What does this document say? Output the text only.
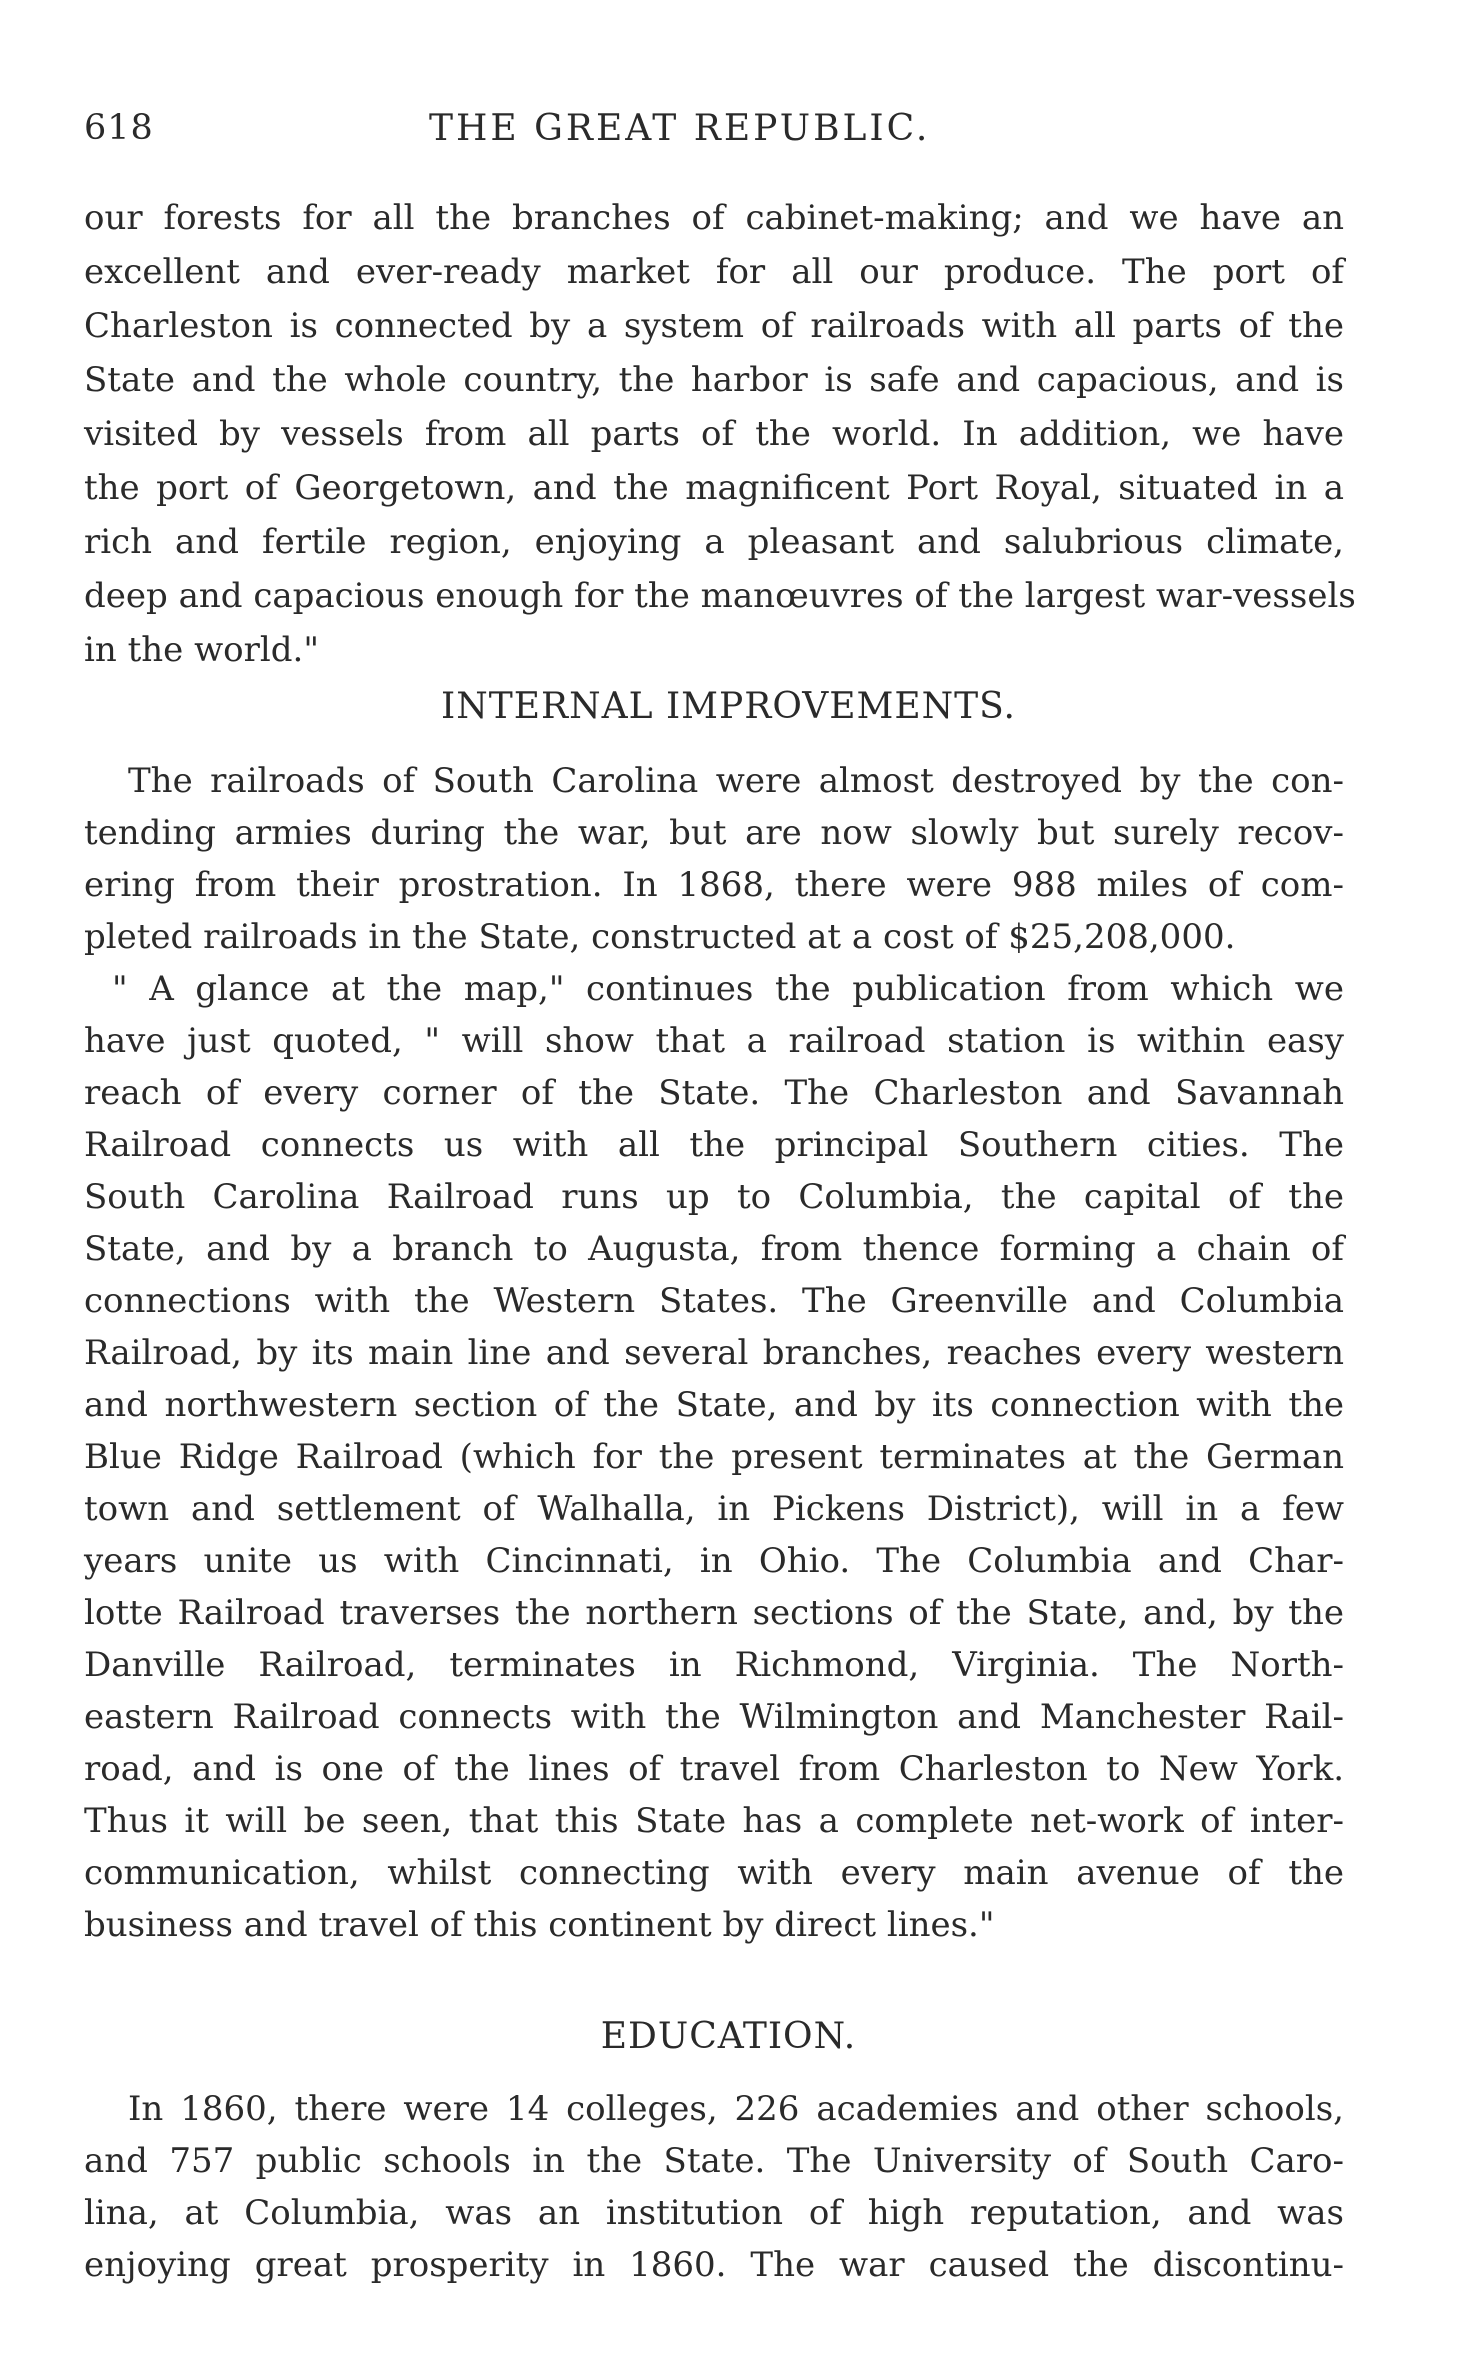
618	THE GREAT REPUBLIC.
our forests for all the branches of cabinet-making; and we have an
excellent and ever-ready market for all our produce. The port of
Charleston is connected by a system of railroads with all parts of the
State and the whole country, the harbor is safe and capacious, and is
visited by vessels from all parts of the world. In addition, we have
the port of Georgetown, and the magnificent Port Royal, situated in a
rich and fertile region, enjoying a pleasant and salubrious climate,
deep and capacious enough for the manœuvres of the largest war-vessels
in the world."
INTERNAL IMPROVEMENTS.
The railroads of South Carolina were almost destroyed by the con-
tending armies during the war, but are now slowly but surely recov-
ering from their prostration. In 1868, there were 988 miles of com-
pleted railroads in the State, constructed at a cost of $25,208,000.
" A glance at the map," continues the publication from which we
have just quoted, " will show that a railroad station is within easy
reach of every corner of the State. The Charleston and Savannah
Railroad connects us with all the principal Southern cities. The
South Carolina Railroad runs up to Columbia, the capital of the
State, and by a branch to Augusta, from thence forming a chain of
connections with the Western States. The Greenville and Columbia
Railroad, by its main line and several branches, reaches every western
and northwestern section of the State, and by its connection with the
Blue Ridge Railroad (which for the present terminates at the German
town and settlement of Walhalla, in Pickens District), will in a few
years unite us with Cincinnati, in Ohio. The Columbia and Char-
lotte Railroad traverses the northern sections of the State, and, by the
Danville Railroad, terminates in Richmond, Virginia. The North-
eastern Railroad connects with the Wilmington and Manchester Rail-
road, and is one of the lines of travel from Charleston to New York.
Thus it will be seen, that this State has a complete net-work of inter-
communication, whilst connecting with every main avenue of the
business and travel of this continent by direct lines."
EDUCATION.
In 1860, there were 14 colleges, 226 academies and other schools,
and 757 public schools in the State. The University of South Caro-
lina, at Columbia, was an institution of high reputation, and was
enjoying great prosperity in 1860. The war caused the discontinu-
